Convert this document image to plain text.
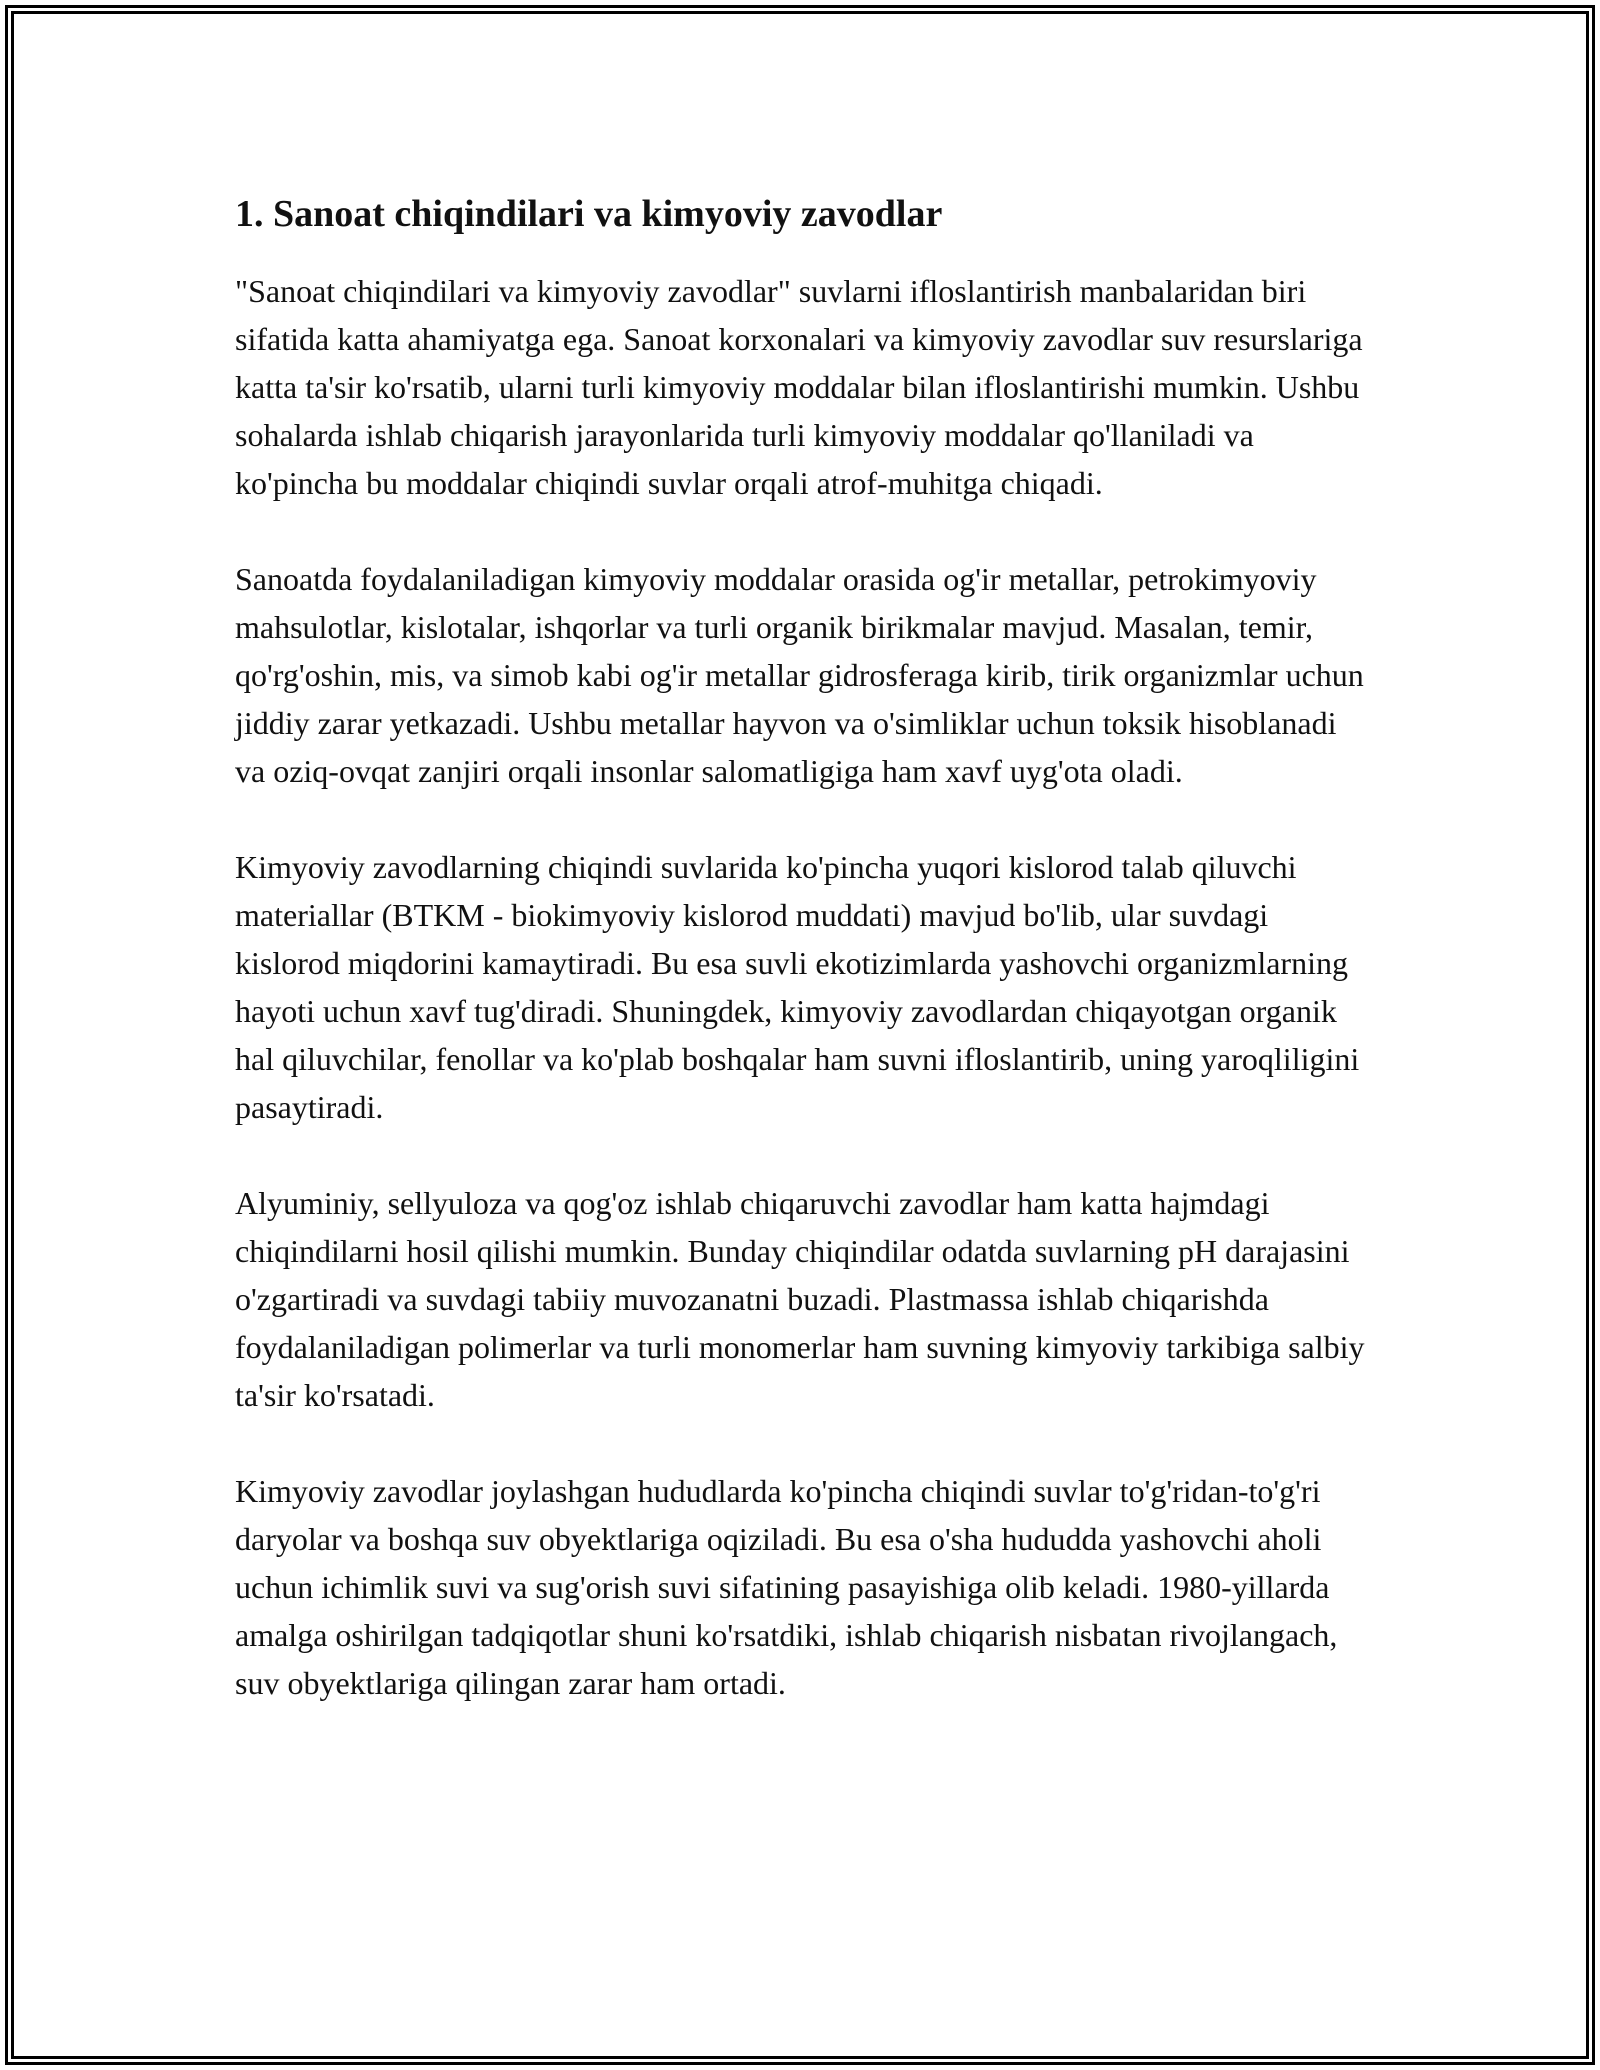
1. Sanoat chiqindilari va kimyoviy zavodlar

"Sanoat chiqindilari va kimyoviy zavodlar" suvlarni ifloslantirish manbalaridan biri sifatida katta ahamiyatga ega. Sanoat korxonalari va kimyoviy zavodlar suv resurslariga katta ta'sir ko'rsatib, ularni turli kimyoviy moddalar bilan ifloslantirishi mumkin. Ushbu sohalarda ishlab chiqarish jarayonlarida turli kimyoviy moddalar qo'llaniladi va ko'pincha bu moddalar chiqindi suvlar orqali atrof-muhitga chiqadi.

Sanoatda foydalaniladigan kimyoviy moddalar orasida og'ir metallar, petrokimyoviy mahsulotlar, kislotalar, ishqorlar va turli organik birikmalar mavjud. Masalan, temir, qo'rg'oshin, mis, va simob kabi og'ir metallar gidrosferaga kirib, tirik organizmlar uchun jiddiy zarar yetkazadi. Ushbu metallar hayvon va o'simliklar uchun toksik hisoblanadi va oziq-ovqat zanjiri orqali insonlar salomatligiga ham xavf uyg'ota oladi.

Kimyoviy zavodlarning chiqindi suvlarida ko'pincha yuqori kislorod talab qiluvchi materiallar (BTKM - biokimyoviy kislorod muddati) mavjud bo'lib, ular suvdagi kislorod miqdorini kamaytiradi. Bu esa suvli ekotizimlarda yashovchi organizmlarning hayoti uchun xavf tug'diradi. Shuningdek, kimyoviy zavodlardan chiqayotgan organik hal qiluvchilar, fenollar va ko'plab boshqalar ham suvni ifloslantirib, uning yaroqliligini pasaytiradi.

Alyuminiy, sellyuloza va qog'oz ishlab chiqaruvchi zavodlar ham katta hajmdagi chiqindilarni hosil qilishi mumkin. Bunday chiqindilar odatda suvlarning pH darajasini o'zgartiradi va suvdagi tabiiy muvozanatni buzadi. Plastmassa ishlab chiqarishda foydalaniladigan polimerlar va turli monomerlar ham suvning kimyoviy tarkibiga salbiy ta'sir ko'rsatadi.

Kimyoviy zavodlar joylashgan hududlarda ko'pincha chiqindi suvlar to'g'ridan-to'g'ri daryolar va boshqa suv obyektlariga oqiziladi. Bu esa o'sha hududda yashovchi aholi uchun ichimlik suvi va sug'orish suvi sifatining pasayishiga olib keladi. 1980-yillarda amalga oshirilgan tadqiqotlar shuni ko'rsatdiki, ishlab chiqarish nisbatan rivojlangach, suv obyektlariga qilingan zarar ham ortadi.
